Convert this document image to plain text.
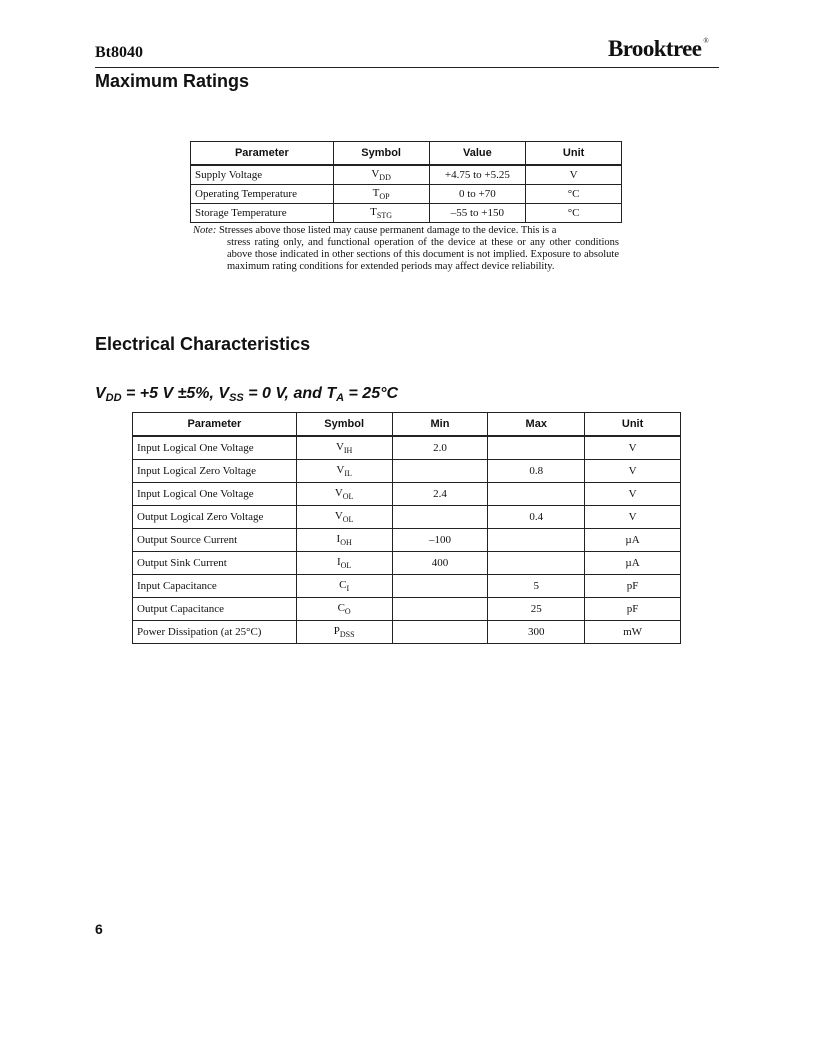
Bt8040	Brooktree ®
Maximum Ratings
Parameter	Symbol	Value	Unit
Supply Voltage	$V_{DD}$	+4.75 to +5.25	V
Operating Temperature	$T_{OP}$	0 to +70	°C
Storage Temperature	$T_{STG}$	–55 to +150	°C
Note: Stresses above those listed may cause permanent damage to the device. This is a
stress rating only, and functional operation of the device at these or any other conditions above those indicated in other sections of this document is not implied. Exposure to absolute maximum rating conditions for extended periods may affect device reliability.
Electrical Characteristics
$V_{DD} = +5$ V ±5%, $V_{SS} = 0$ V, and $T_A = 25^\circ C$
Parameter	Symbol	Min	Max	Unit
Input Logical One Voltage	$V_{IH}$	2.0		V
Input Logical Zero Voltage	$V_{IL}$		0.8	V
Input Logical One Voltage	$V_{OL}$	2.4		V
Output Logical Zero Voltage	$V_{OL}$		0.4	V
Output Source Current	$I_{OH}$	–100		µA
Output Sink Current	$I_{OL}$	400		µA
Input Capacitance	$C_I$		5	pF
Output Capacitance	$C_O$		25	pF
Power Dissipation (at 25°C)	$P_{DSS}$		300	mW
6
